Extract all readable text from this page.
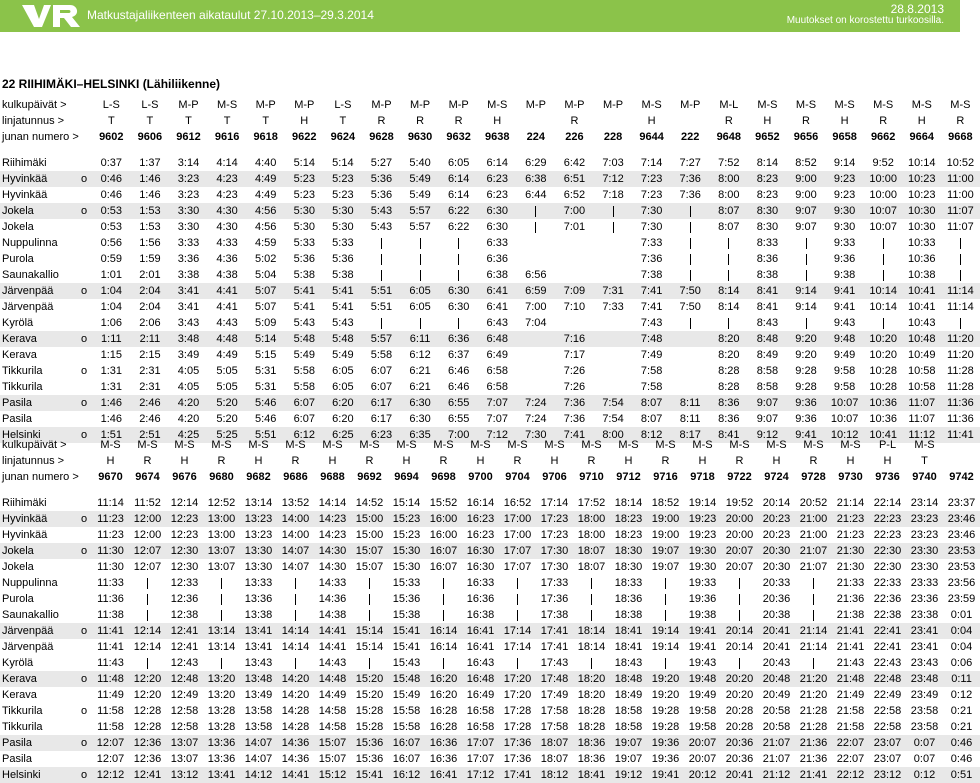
Matkustajaliikenteen aikataulut 27.10.2013–29.3.2014	28.8.2013
Muutokset on korostettu turkoosilla.
22 RIIHIMÄKI–HELSINKI (Lähiliikenne)
kulkupäivät >		L-S	L-S	M-P	M-S	M-P	M-P	L-S	M-P	M-P	M-P	M-S	M-P	M-P	M-P	M-S	M-P	M-L	M-S	M-S	M-S	M-S	M-S	M-S
linjatunnus >		T	T	T	T	T	H	T	R	R	R	H		R		H		R	H	R	H	R	H	R
junan numero >		9602	9606	9612	9616	9618	9622	9624	9628	9630	9632	9638	224	226	228	9644	222	9648	9652	9656	9658	9662	9664	9668

Riihimäki		0:37	1:37	3:14	4:14	4:40	5:14	5:14	5:27	5:40	6:05	6:14	6:29	6:42	7:03	7:14	7:27	7:52	8:14	8:52	9:14	9:52	10:14	10:52
Hyvinkää	o	0:46	1:46	3:23	4:23	4:49	5:23	5:23	5:36	5:49	6:14	6:23	6:38	6:51	7:12	7:23	7:36	8:00	8:23	9:00	9:23	10:00	10:23	11:00
Hyvinkää		0:46	1:46	3:23	4:23	4:49	5:23	5:23	5:36	5:49	6:14	6:23	6:44	6:52	7:18	7:23	7:36	8:00	8:23	9:00	9:23	10:00	10:23	11:00
Jokela	o	0:53	1:53	3:30	4:30	4:56	5:30	5:30	5:43	5:57	6:22	6:30		7:00		7:30		8:07	8:30	9:07	9:30	10:07	10:30	11:07
Jokela		0:53	1:53	3:30	4:30	4:56	5:30	5:30	5:43	5:57	6:22	6:30		7:01		7:30		8:07	8:30	9:07	9:30	10:07	10:30	11:07
Nuppulinna		0:56	1:56	3:33	4:33	4:59	5:33	5:33				6:33				7:33			8:33		9:33		10:33	
Purola		0:59	1:59	3:36	4:36	5:02	5:36	5:36				6:36				7:36			8:36		9:36		10:36	
Saunakallio		1:01	2:01	3:38	4:38	5:04	5:38	5:38				6:38	6:56			7:38			8:38		9:38		10:38	
Järvenpää	o	1:04	2:04	3:41	4:41	5:07	5:41	5:41	5:51	6:05	6:30	6:41	6:59	7:09	7:31	7:41	7:50	8:14	8:41	9:14	9:41	10:14	10:41	11:14
Järvenpää		1:04	2:04	3:41	4:41	5:07	5:41	5:41	5:51	6:05	6:30	6:41	7:00	7:10	7:33	7:41	7:50	8:14	8:41	9:14	9:41	10:14	10:41	11:14
Kyrölä		1:06	2:06	3:43	4:43	5:09	5:43	5:43				6:43	7:04			7:43			8:43		9:43		10:43	
Kerava	o	1:11	2:11	3:48	4:48	5:14	5:48	5:48	5:57	6:11	6:36	6:48		7:16		7:48		8:20	8:48	9:20	9:48	10:20	10:48	11:20
Kerava		1:15	2:15	3:49	4:49	5:15	5:49	5:49	5:58	6:12	6:37	6:49		7:17		7:49		8:20	8:49	9:20	9:49	10:20	10:49	11:20
Tikkurila	o	1:31	2:31	4:05	5:05	5:31	5:58	6:05	6:07	6:21	6:46	6:58		7:26		7:58		8:28	8:58	9:28	9:58	10:28	10:58	11:28
Tikkurila		1:31	2:31	4:05	5:05	5:31	5:58	6:05	6:07	6:21	6:46	6:58		7:26		7:58		8:28	8:58	9:28	9:58	10:28	10:58	11:28
Pasila	o	1:46	2:46	4:20	5:20	5:46	6:07	6:20	6:17	6:30	6:55	7:07	7:24	7:36	7:54	8:07	8:11	8:36	9:07	9:36	10:07	10:36	11:07	11:36
Pasila		1:46	2:46	4:20	5:20	5:46	6:07	6:20	6:17	6:30	6:55	7:07	7:24	7:36	7:54	8:07	8:11	8:36	9:07	9:36	10:07	10:36	11:07	11:36
Helsinki	o	1:51	2:51	4:25	5:25	5:51	6:12	6:25	6:23	6:35	7:00	7:12	7:30	7:41	8:00	8:12	8:17	8:41	9:12	9:41	10:12	10:41	11:12	11:41
kulkupäivät >		M-S	M-S	M-S	M-S	M-S	M-S	M-S	M-S	M-S	M-S	M-S	M-S	M-S	M-S	M-S	M-S	M-S	M-S	M-S	M-S	M-S	P-L	M-S	
linjatunnus >		H	R	H	R	H	R	H	R	H	R	H	R	H	R	H	R	H	R	H	R	H	H	T	
junan numero >		9670	9674	9676	9680	9682	9686	9688	9692	9694	9698	9700	9704	9706	9710	9712	9716	9718	9722	9724	9728	9730	9736	9740	9742

Riihimäki		11:14	11:52	12:14	12:52	13:14	13:52	14:14	14:52	15:14	15:52	16:14	16:52	17:14	17:52	18:14	18:52	19:14	19:52	20:14	20:52	21:14	22:14	23:14	23:37
Hyvinkää	o	11:23	12:00	12:23	13:00	13:23	14:00	14:23	15:00	15:23	16:00	16:23	17:00	17:23	18:00	18:23	19:00	19:23	20:00	20:23	21:00	21:23	22:23	23:23	23:46
Hyvinkää		11:23	12:00	12:23	13:00	13:23	14:00	14:23	15:00	15:23	16:00	16:23	17:00	17:23	18:00	18:23	19:00	19:23	20:00	20:23	21:00	21:23	22:23	23:23	23:46
Jokela	o	11:30	12:07	12:30	13:07	13:30	14:07	14:30	15:07	15:30	16:07	16:30	17:07	17:30	18:07	18:30	19:07	19:30	20:07	20:30	21:07	21:30	22:30	23:30	23:53
Jokela		11:30	12:07	12:30	13:07	13:30	14:07	14:30	15:07	15:30	16:07	16:30	17:07	17:30	18:07	18:30	19:07	19:30	20:07	20:30	21:07	21:30	22:30	23:30	23:53
Nuppulinna		11:33		12:33		13:33		14:33		15:33		16:33		17:33		18:33		19:33		20:33		21:33	22:33	23:33	23:56
Purola		11:36		12:36		13:36		14:36		15:36		16:36		17:36		18:36		19:36		20:36		21:36	22:36	23:36	23:59
Saunakallio		11:38		12:38		13:38		14:38		15:38		16:38		17:38		18:38		19:38		20:38		21:38	22:38	23:38	0:01
Järvenpää	o	11:41	12:14	12:41	13:14	13:41	14:14	14:41	15:14	15:41	16:14	16:41	17:14	17:41	18:14	18:41	19:14	19:41	20:14	20:41	21:14	21:41	22:41	23:41	0:04
Järvenpää		11:41	12:14	12:41	13:14	13:41	14:14	14:41	15:14	15:41	16:14	16:41	17:14	17:41	18:14	18:41	19:14	19:41	20:14	20:41	21:14	21:41	22:41	23:41	0:04
Kyrölä		11:43		12:43		13:43		14:43		15:43		16:43		17:43		18:43		19:43		20:43		21:43	22:43	23:43	0:06
Kerava	o	11:48	12:20	12:48	13:20	13:48	14:20	14:48	15:20	15:48	16:20	16:48	17:20	17:48	18:20	18:48	19:20	19:48	20:20	20:48	21:20	21:48	22:48	23:48	0:11
Kerava		11:49	12:20	12:49	13:20	13:49	14:20	14:49	15:20	15:49	16:20	16:49	17:20	17:49	18:20	18:49	19:20	19:49	20:20	20:49	21:20	21:49	22:49	23:49	0:12
Tikkurila	o	11:58	12:28	12:58	13:28	13:58	14:28	14:58	15:28	15:58	16:28	16:58	17:28	17:58	18:28	18:58	19:28	19:58	20:28	20:58	21:28	21:58	22:58	23:58	0:21
Tikkurila		11:58	12:28	12:58	13:28	13:58	14:28	14:58	15:28	15:58	16:28	16:58	17:28	17:58	18:28	18:58	19:28	19:58	20:28	20:58	21:28	21:58	22:58	23:58	0:21
Pasila	o	12:07	12:36	13:07	13:36	14:07	14:36	15:07	15:36	16:07	16:36	17:07	17:36	18:07	18:36	19:07	19:36	20:07	20:36	21:07	21:36	22:07	23:07	0:07	0:46
Pasila		12:07	12:36	13:07	13:36	14:07	14:36	15:07	15:36	16:07	16:36	17:07	17:36	18:07	18:36	19:07	19:36	20:07	20:36	21:07	21:36	22:07	23:07	0:07	0:46
Helsinki	o	12:12	12:41	13:12	13:41	14:12	14:41	15:12	15:41	16:12	16:41	17:12	17:41	18:12	18:41	19:12	19:41	20:12	20:41	21:12	21:41	22:12	23:12	0:12	0:51
